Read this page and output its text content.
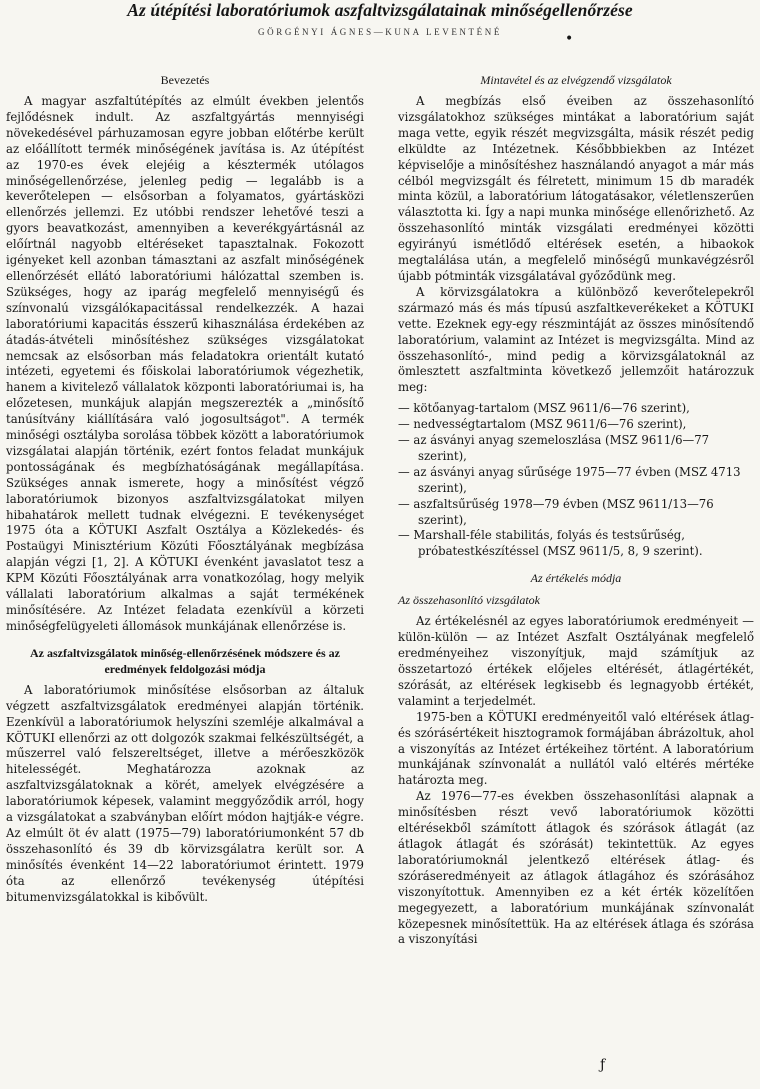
Az útépítési laboratóriumok aszfaltvizsgálatainak minőségellenőrzése
GÖRGÉNYI ÁGNES—KUNA LEVENTÉNÉ	•
Bevezetés

A magyar aszfaltútépítés az elmúlt években jelentős fejlődésnek indult. Az aszfaltgyártás mennyiségi növekedésével párhuzamosan egyre jobban előtérbe került az előállított termék minőségének javítása is. Az útépítést az 1970-es évek elejéig a késztermék utólagos minőségellenőrzése, jelenleg pedig — legalább is a keverőtelepen — elsősorban a folyamatos, gyártásközi ellenőrzés jellemzi. Ez utóbbi rendszer lehetővé teszi a gyors beavatkozást, amennyiben a keverékgyártásnál az előírtnál nagyobb eltéréseket tapasztalnak. Fokozott igényeket kell azonban támasztani az aszfalt minőségének ellenőrzését ellátó laboratóriumi hálózattal szemben is. Szükséges, hogy az iparág megfelelő mennyiségű és színvonalú vizsgálókapacitással rendelkezzék. A hazai laboratóriumi kapacitás ésszerű kihasználása érdekében az átadás-átvételi minősítéshez szükséges vizsgálatokat nemcsak az elsősorban más feladatokra orientált kutató intézeti, egyetemi és főiskolai laboratóriumok végezhetik, hanem a kivitelező vállalatok központi laboratóriumai is, ha előzetesen, munkájuk alapján megszerezték a „minősítő tanúsítvány kiállítására való jogosultságot". A termék minőségi osztályba sorolása többek között a laboratóriumok vizsgálatai alapján történik, ezért fontos feladat munkájuk pontosságának és megbízhatóságának megállapítása. Szükséges annak ismerete, hogy a minősítést végző laboratóriumok bizonyos aszfaltvizsgálatokat milyen hibahatárok mellett tudnak elvégezni. E tevékenységet 1975 óta a KÖTUKI Aszfalt Osztálya a Közlekedés- és Postaügyi Minisztérium Közúti Főosztályának megbízása alapján végzi [1, 2]. A KÖTUKI évenként javaslatot tesz a KPM Közúti Főosztályának arra vonatkozólag, hogy melyik vállalati laboratórium alkalmas a saját termékének minősítésére. Az Intézet feladata ezenkívül a körzeti minőségfelügyeleti állomások munkájának ellenőrzése is.

Az aszfaltvizsgálatok minőség-ellenőrzésének módszere és az eredmények feldolgozási módja

A laboratóriumok minősítése elsősorban az általuk végzett aszfaltvizsgálatok eredményei alapján történik. Ezenkívül a laboratóriumok helyszíni szemléje alkalmával a KÖTUKI ellenőrzi az ott dolgozók szakmai felkészültségét, a műszerrel való felszereltséget, illetve a mérőeszközök hitelességét. Meghatározza azoknak az aszfaltvizsgálatoknak a körét, amelyek elvégzésére a laboratóriumok képesek, valamint meggyőződik arról, hogy a vizsgálatokat a szabványban előírt módon hajtják-e végre. Az elmúlt öt év alatt (1975—79) laboratóriumonként 57 db összehasonlító és 39 db körvizsgálatra került sor. A minősítés évenként 14—22 laboratóriumot érintett. 1979 óta az ellenőrző tevékenység útépítési bitumenvizsgálatokkal is kibővült.

Mintavétel és az elvégzendő vizsgálatok

A megbízás első éveiben az összehasonlító vizsgálatokhoz szükséges mintákat a laboratórium saját maga vette, egyik részét megvizsgálta, másik részét pedig elküldte az Intézetnek. Későbbbiekben az Intézet képviselője a minősítéshez használandó anyagot a már más célból megvizsgált és félretett, minimum 15 db maradék minta közül, a laboratórium látogatásakor, véletlenszerűen választotta ki. Így a napi munka minősége ellenőrizhető. Az összehasonlító minták vizsgálati eredményei közötti egyirányú ismétlődő eltérések esetén, a hibaokok megtalálása után, a megfelelő minőségű munkavégzésről újabb pótminták vizsgálatával győződünk meg.

A körvizsgálatokra a különböző keverőtelepekről származó más és más típusú aszfaltkeverékeket a KÖTUKI vette. Ezeknek egy-egy részmintáját az összes minősítendő laboratórium, valamint az Intézet is megvizsgálta. Mind az összehasonlító-, mind pedig a körvizsgálatoknál az ömlesztett aszfaltminta következő jellemzőit határozzuk meg:

— kötőanyag-tartalom (MSZ 9611/6—76 szerint),

— nedvességtartalom (MSZ 9611/6—76 szerint),

— az ásványi anyag szemeloszlása (MSZ 9611/6—77 szerint),

— az ásványi anyag sűrűsége 1975—77 évben (MSZ 4713 szerint),

— aszfaltsűrűség 1978—79 évben (MSZ 9611/13—76 szerint),

— Marshall-féle stabilitás, folyás és testsűrűség, próbatestkészítéssel (MSZ 9611/5, 8, 9 szerint).

Az értékelés módja
Az összehasonlító vizsgálatok

Az értékelésnél az egyes laboratóriumok eredményeit — külön-külön — az Intézet Aszfalt Osztályának megfelelő eredményeihez viszonyítjuk, majd számítjuk az összetartozó értékek előjeles eltérését, átlagértékét, szórását, az eltérések legkisebb és legnagyobb értékét, valamint a terjedelmét.

1975-ben a KÖTUKI eredményeitől való eltérések átlag- és szórásértékeit hisztogramok formájában ábrázoltuk, ahol a viszonyítás az Intézet értékeihez történt. A laboratórium munkájának színvonalát a nullától való eltérés mértéke határozta meg.

Az 1976—77-es években összehasonlítási alapnak a minősítésben részt vevő laboratóriumok közötti eltérésekből számított átlagok és szórások átlagát (az átlagok átlagát és szórását) tekintettük. Az egyes laboratóriumoknál jelentkező eltérések átlag- és szóráseredményeit az átlagok átlagához és szórásához viszonyítottuk. Amennyiben ez a két érték közelítően megegyezett, a laboratórium munkájának színvonalát közepesnek minősítettük. Ha az eltérések átlaga és szórása a viszonyítási

ƒ
